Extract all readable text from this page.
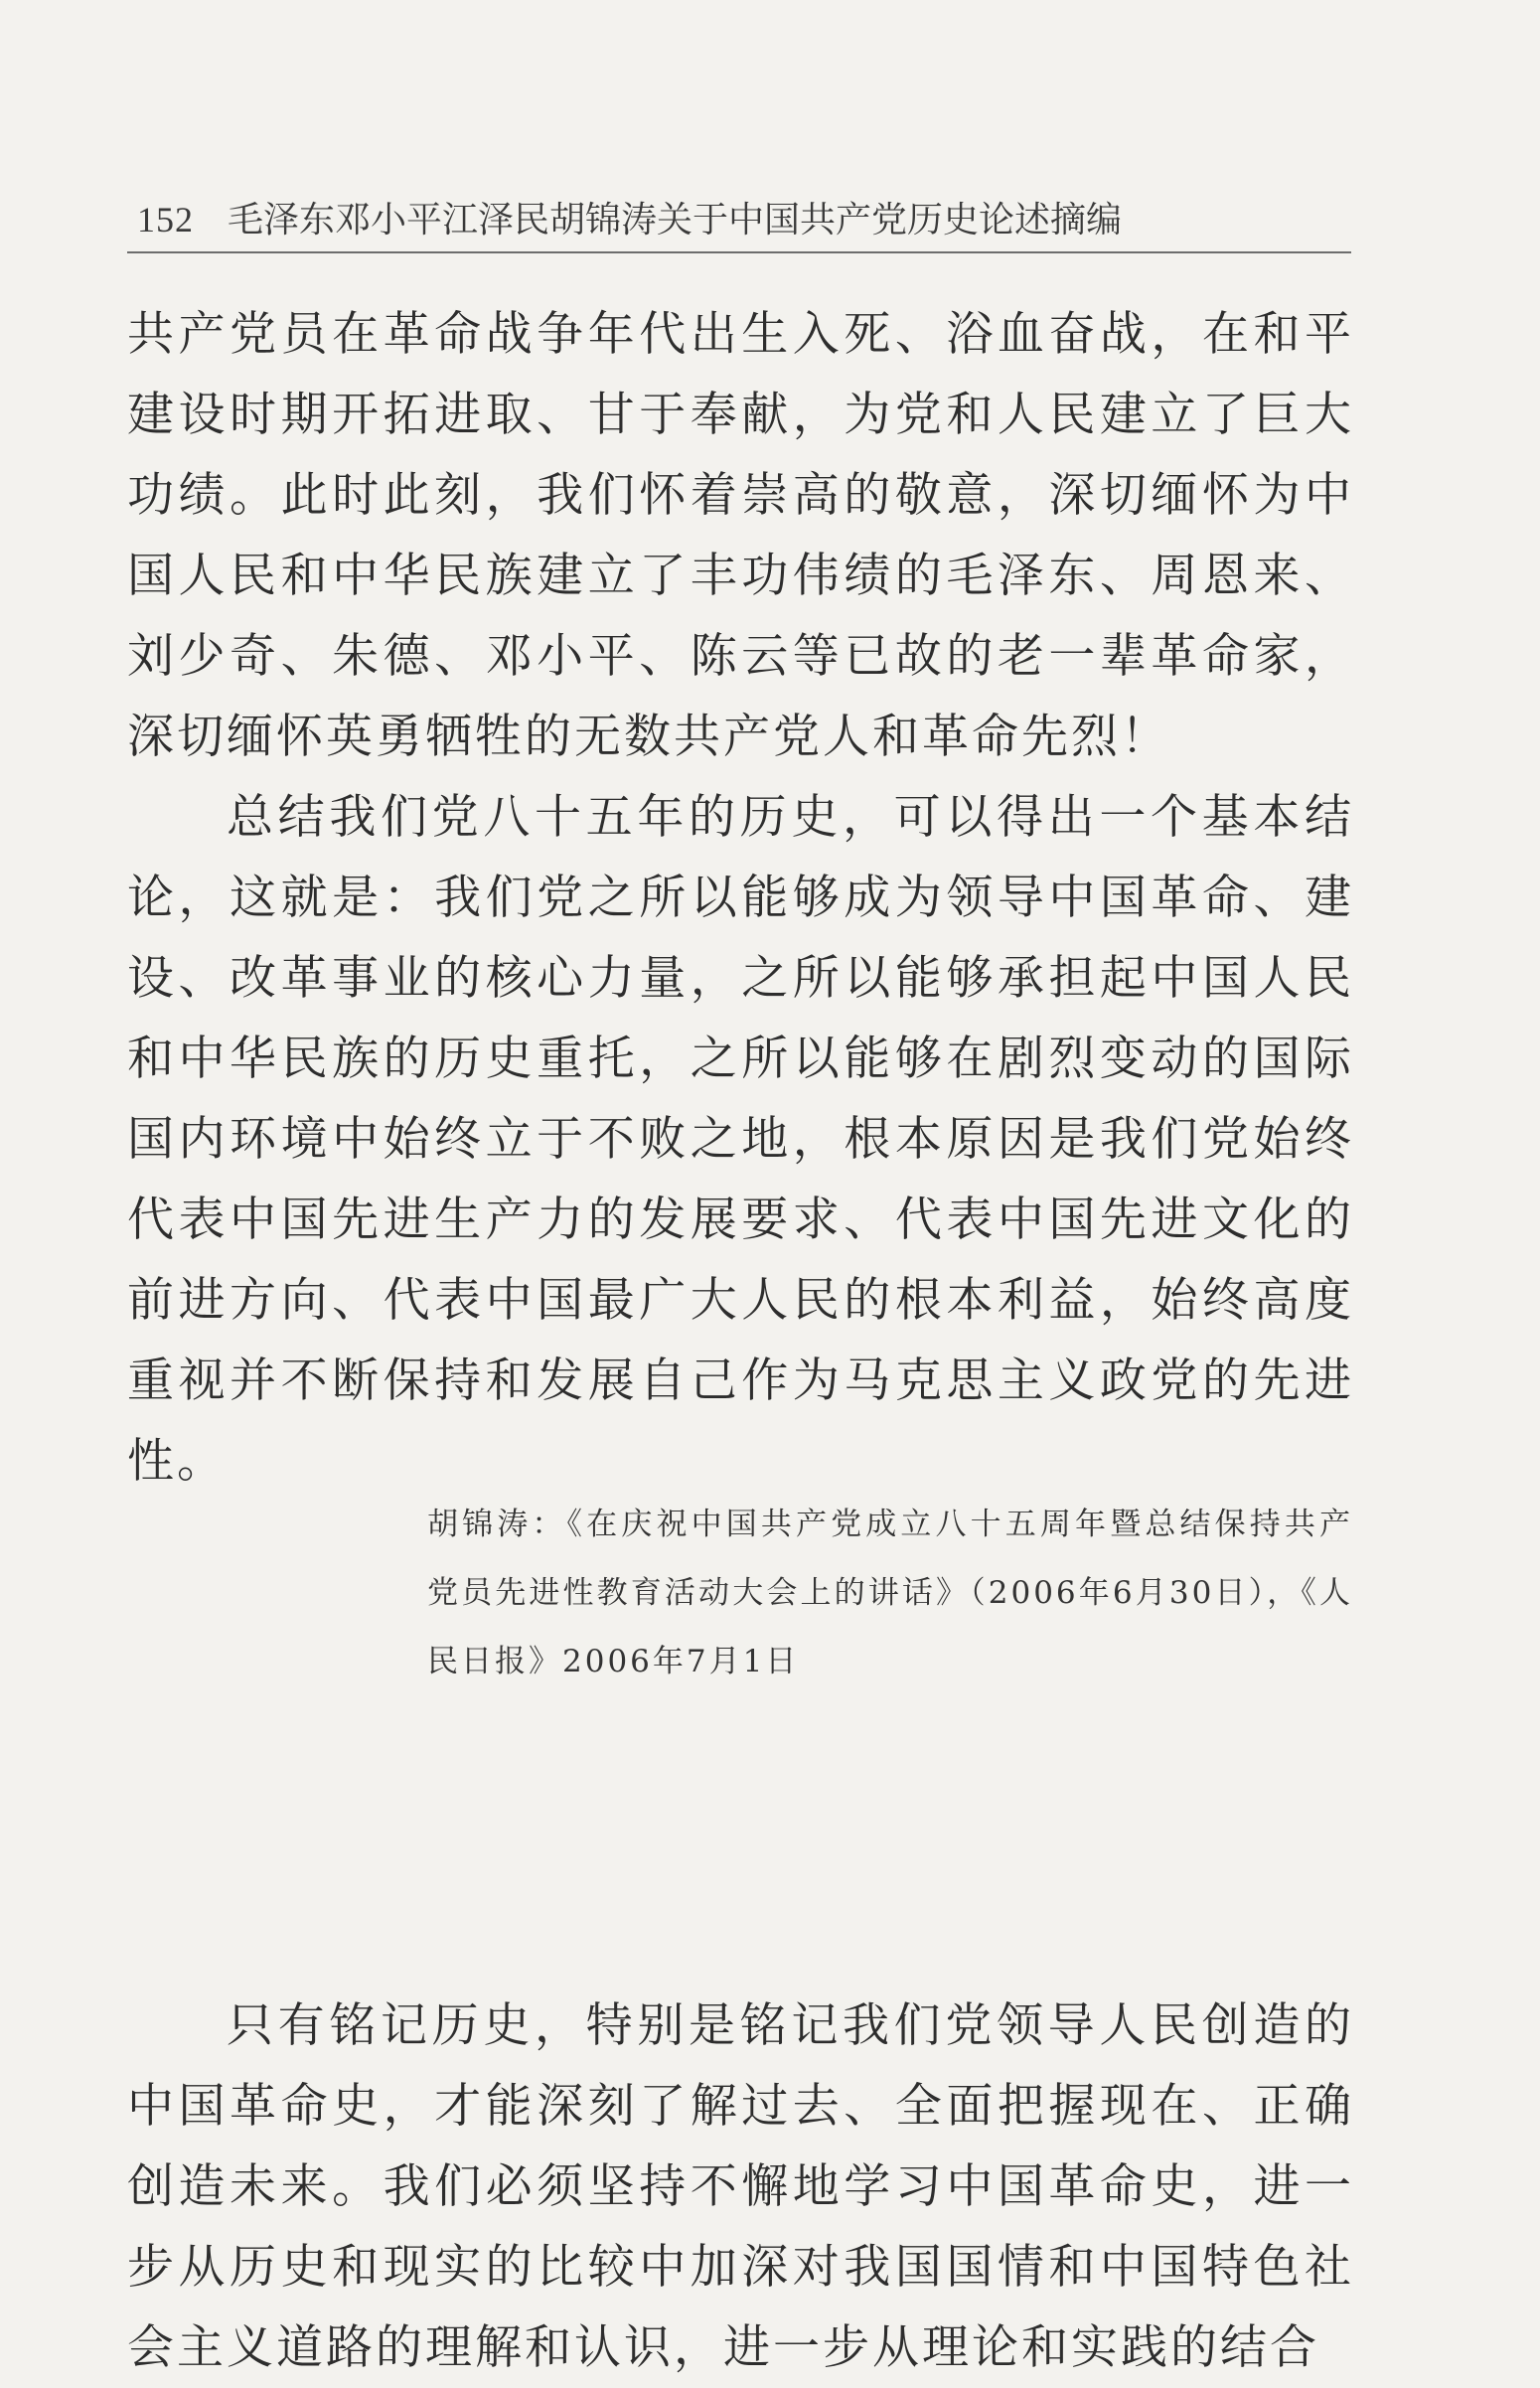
152 毛泽东邓小平江泽民胡锦涛关于中国共产党历史论述摘编

共产党员在革命战争年代出生入死、浴血奋战，在和平建设时期开拓进取、甘于奉献，为党和人民建立了巨大功绩。此时此刻，我们怀着崇高的敬意，深切缅怀为中国人民和中华民族建立了丰功伟绩的毛泽东、周恩来、刘少奇、朱德、邓小平、陈云等已故的老一辈革命家，深切缅怀英勇牺牲的无数共产党人和革命先烈！

总结我们党八十五年的历史，可以得出一个基本结论，这就是：我们党之所以能够成为领导中国革命、建设、改革事业的核心力量，之所以能够承担起中国人民和中华民族的历史重托，之所以能够在剧烈变动的国际国内环境中始终立于不败之地，根本原因是我们党始终代表中国先进生产力的发展要求、代表中国先进文化的前进方向、代表中国最广大人民的根本利益，始终高度重视并不断保持和发展自己作为马克思主义政党的先进性。

胡锦涛：《在庆祝中国共产党成立八十五周年暨总结保持共产党员先进性教育活动大会上的讲话》（2006年6月30日），《人民日报》2006年7月1日

只有铭记历史，特别是铭记我们党领导人民创造的中国革命史，才能深刻了解过去、全面把握现在、正确创造未来。我们必须坚持不懈地学习中国革命史，进一步从历史和现实的比较中加深对我国国情和中国特色社会主义道路的理解和认识，进一步从理论和实践的结合
